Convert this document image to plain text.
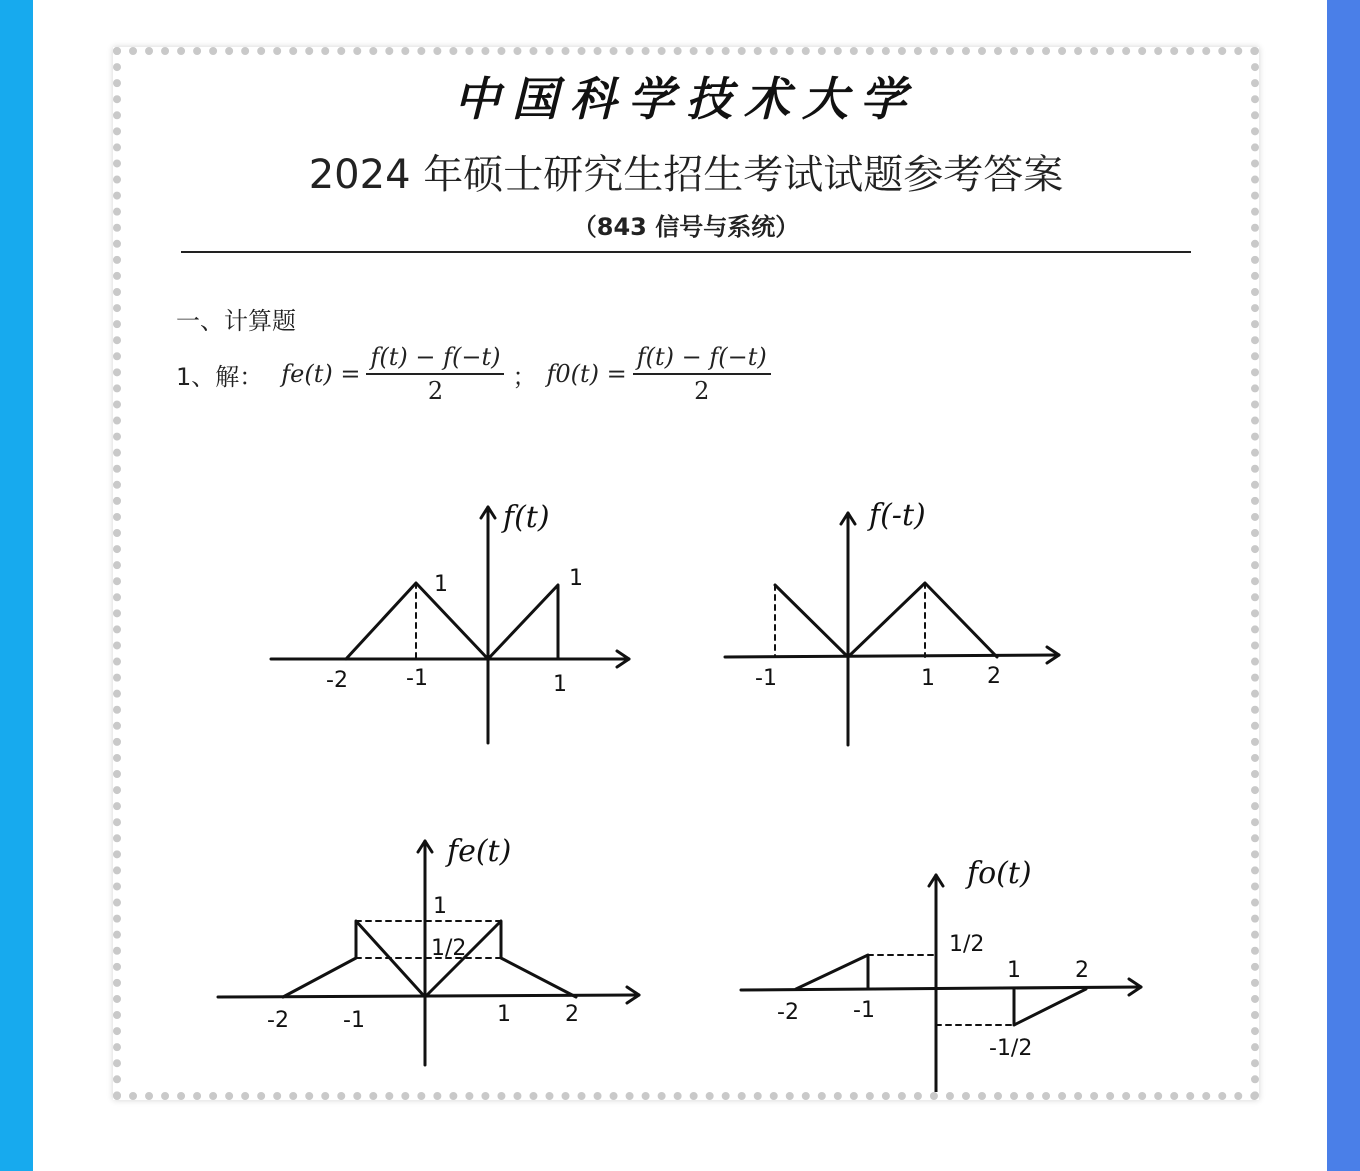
中国科学技术大学
2024 年硕士研究生招生考试试题参考答案
（843 信号与系统）
一、计算题
1、解： $fe(t) = \frac{f(t) - f(-t)}{2}$ ； $f0(t) = \frac{f(t) - f(-t)}{2}$
f(t)
-2	-1	1
1	1
f(-t)
-1	1 2
fe(t)
-2 -1	1 2
1
1/2
fo(t)
-2 -1
1 2
1/2
-1/2
